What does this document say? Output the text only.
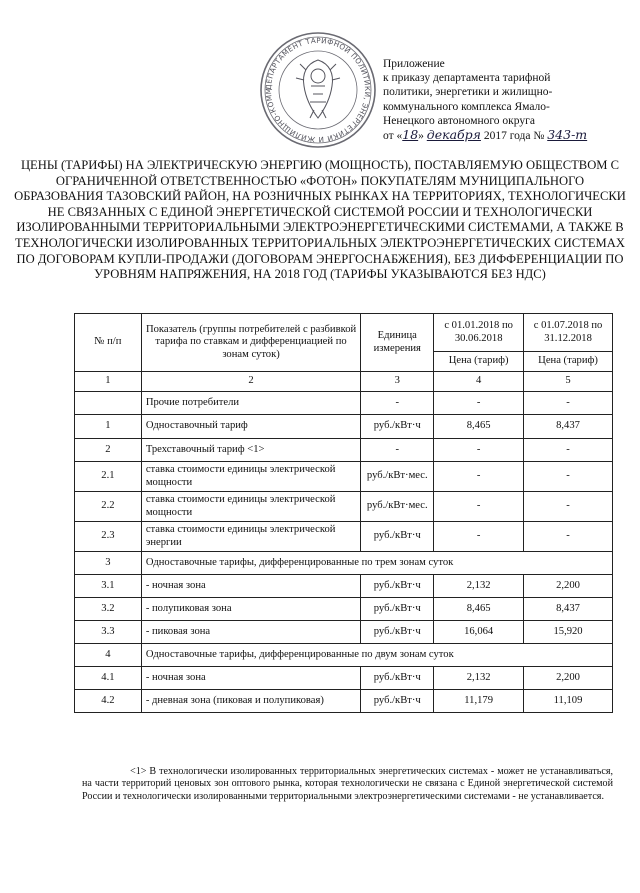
ДЕПАРТАМЕНТ ТАРИФНОЙ ПОЛИТИКИ, ЭНЕРГЕТИКИ И ЖИЛИЩНО-КОММ
Приложение
к приказу департамента тарифной
политики, энергетики и жилищно-
коммунального комплекса Ямало-
Ненецкого автономного округа
от «18» декабря 2017 года № 343-т
ЦЕНЫ (ТАРИФЫ) НА ЭЛЕКТРИЧЕСКУЮ ЭНЕРГИЮ (МОЩНОСТЬ), ПОСТАВЛЯЕМУЮ ОБЩЕСТВОМ С ОГРАНИЧЕННОЙ ОТВЕТСТВЕННОСТЬЮ «ФОТОН» ПОКУПАТЕЛЯМ МУНИЦИПАЛЬНОГО ОБРАЗОВАНИЯ ТАЗОВСКИЙ РАЙОН, НА РОЗНИЧНЫХ РЫНКАХ НА ТЕРРИТОРИЯХ, ТЕХНОЛОГИЧЕСКИ НЕ СВЯЗАННЫХ С ЕДИНОЙ ЭНЕРГЕТИЧЕСКОЙ СИСТЕМОЙ РОССИИ И ТЕХНОЛОГИЧЕСКИ ИЗОЛИРОВАННЫМИ ТЕРРИТОРИАЛЬНЫМИ ЭЛЕКТРОЭНЕРГЕТИЧЕСКИМИ СИСТЕМАМИ, А ТАКЖЕ В ТЕХНОЛОГИЧЕСКИ ИЗОЛИРОВАННЫХ ТЕРРИТОРИАЛЬНЫХ ЭЛЕКТРОЭНЕРГЕТИЧЕСКИХ СИСТЕМАХ ПО ДОГОВОРАМ КУПЛИ-ПРОДАЖИ (ДОГОВОРАМ ЭНЕРГОСНАБЖЕНИЯ), БЕЗ ДИФФЕРЕНЦИАЦИИ ПО УРОВНЯМ НАПРЯЖЕНИЯ, НА 2018 ГОД (ТАРИФЫ УКАЗЫВАЮТСЯ БЕЗ НДС)
№ п/п	Показатель (группы потребителей с разбивкой тарифа по ставкам и дифференциацией по зонам суток)	Единица измерения	с 01.01.2018 по 30.06.2018	с 01.07.2018 по 31.12.2018
			Цена (тариф)	Цена (тариф)
1	2	3	4	5
	Прочие потребители	-	-	-
1	Одноставочный тариф	руб./кВт·ч	8,465	8,437
2	Трехставочный тариф <1>	-	-	-
2.1	ставка стоимости единицы электрической мощности	руб./кВт·мес.	-	-
2.2	ставка стоимости единицы электрической мощности	руб./кВт·мес.	-	-
2.3	ставка стоимости единицы электрической энергии	руб./кВт·ч	-	-
3	Одноставочные тарифы, дифференцированные по трем зонам суток			
3.1	- ночная зона	руб./кВт·ч	2,132	2,200
3.2	- полупиковая зона	руб./кВт·ч	8,465	8,437
3.3	- пиковая зона	руб./кВт·ч	16,064	15,920
4	Одноставочные тарифы, дифференцированные по двум зонам суток			
4.1	- ночная зона	руб./кВт·ч	2,132	2,200
4.2	- дневная зона (пиковая и полупиковая)	руб./кВт·ч	11,179	11,109
<1> В технологически изолированных территориальных энергетических системах - может не устанавливаться, на части территорий ценовых зон оптового рынка, которая технологически не связана с Единой энергетической системой России и технологически изолированными территориальными электроэнергетическими системами - не устанавливается.
